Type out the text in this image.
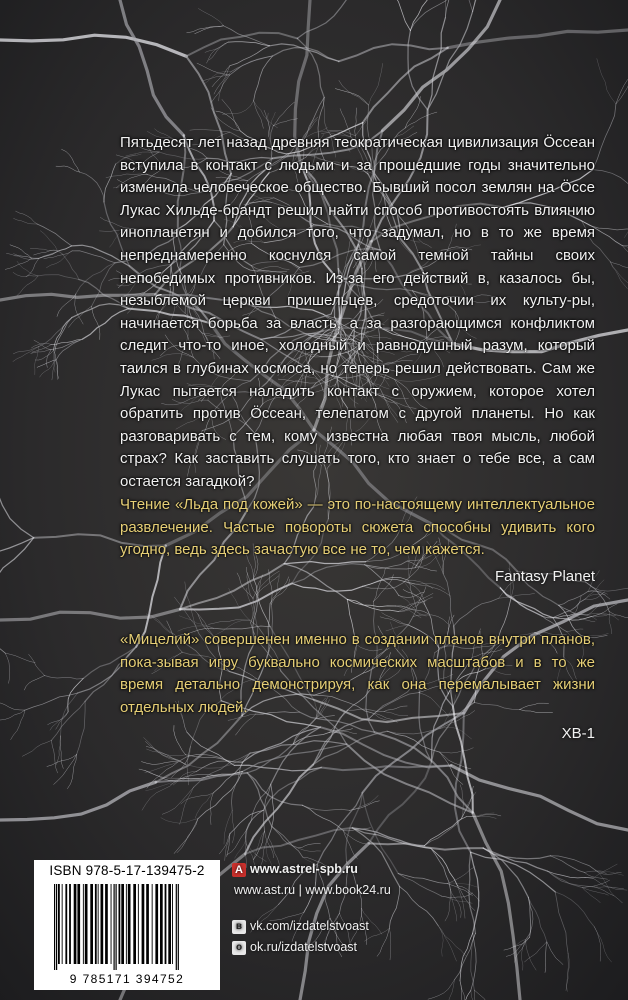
Пятьдесят лет назад древняя теократическая цивилизация Öссеан вступила в контакт с людьми и за прошедшие годы значительно изменила человеческое общество. Бывший посол землян на Öссе Лукас Хильде-брандт решил найти способ противостоять влиянию инопланетян и добился того, что задумал, но в то же время непреднамеренно коснулся самой темной тайны своих непобедимых противников. Из-за его действий в, казалось бы, незыблемой церкви пришельцев, средоточии их культу-ры, начинается борьба за власть, а за разгорающимся конфликтом следит что-то иное, холодный и равнодушный разум, который таился в глубинах космоса, но теперь решил действовать. Сам же Лукас пытается наладить контакт с оружием, которое хотел обратить против Öссеан, телепатом с другой планеты. Но как разговаривать с тем, кому известна любая твоя мысль, любой страх? Как заставить слушать того, кто знает о тебе все, а сам остается загадкой?
Чтение «Льда под кожей» — это по-настоящему интеллектуальное развлечение. Частые повороты сюжета способны удивить кого угодно, ведь здесь зачастую все не то, чем кажется.
Fantasy Planet
«Мицелий» совершенен именно в создании планов внутри планов, пока-зывая игру буквально космических масштабов и в то же время детально демонстрируя, как она перемалывает жизни отдельных людей.
ХВ-1
ISBN 978-5-17-139475-2
9 785171 394752
A www.astrel-spb.ru
www.ast.ru | www.book24.ru
в vk.com/izdatelstvoast
о ok.ru/izdatelstvoast
